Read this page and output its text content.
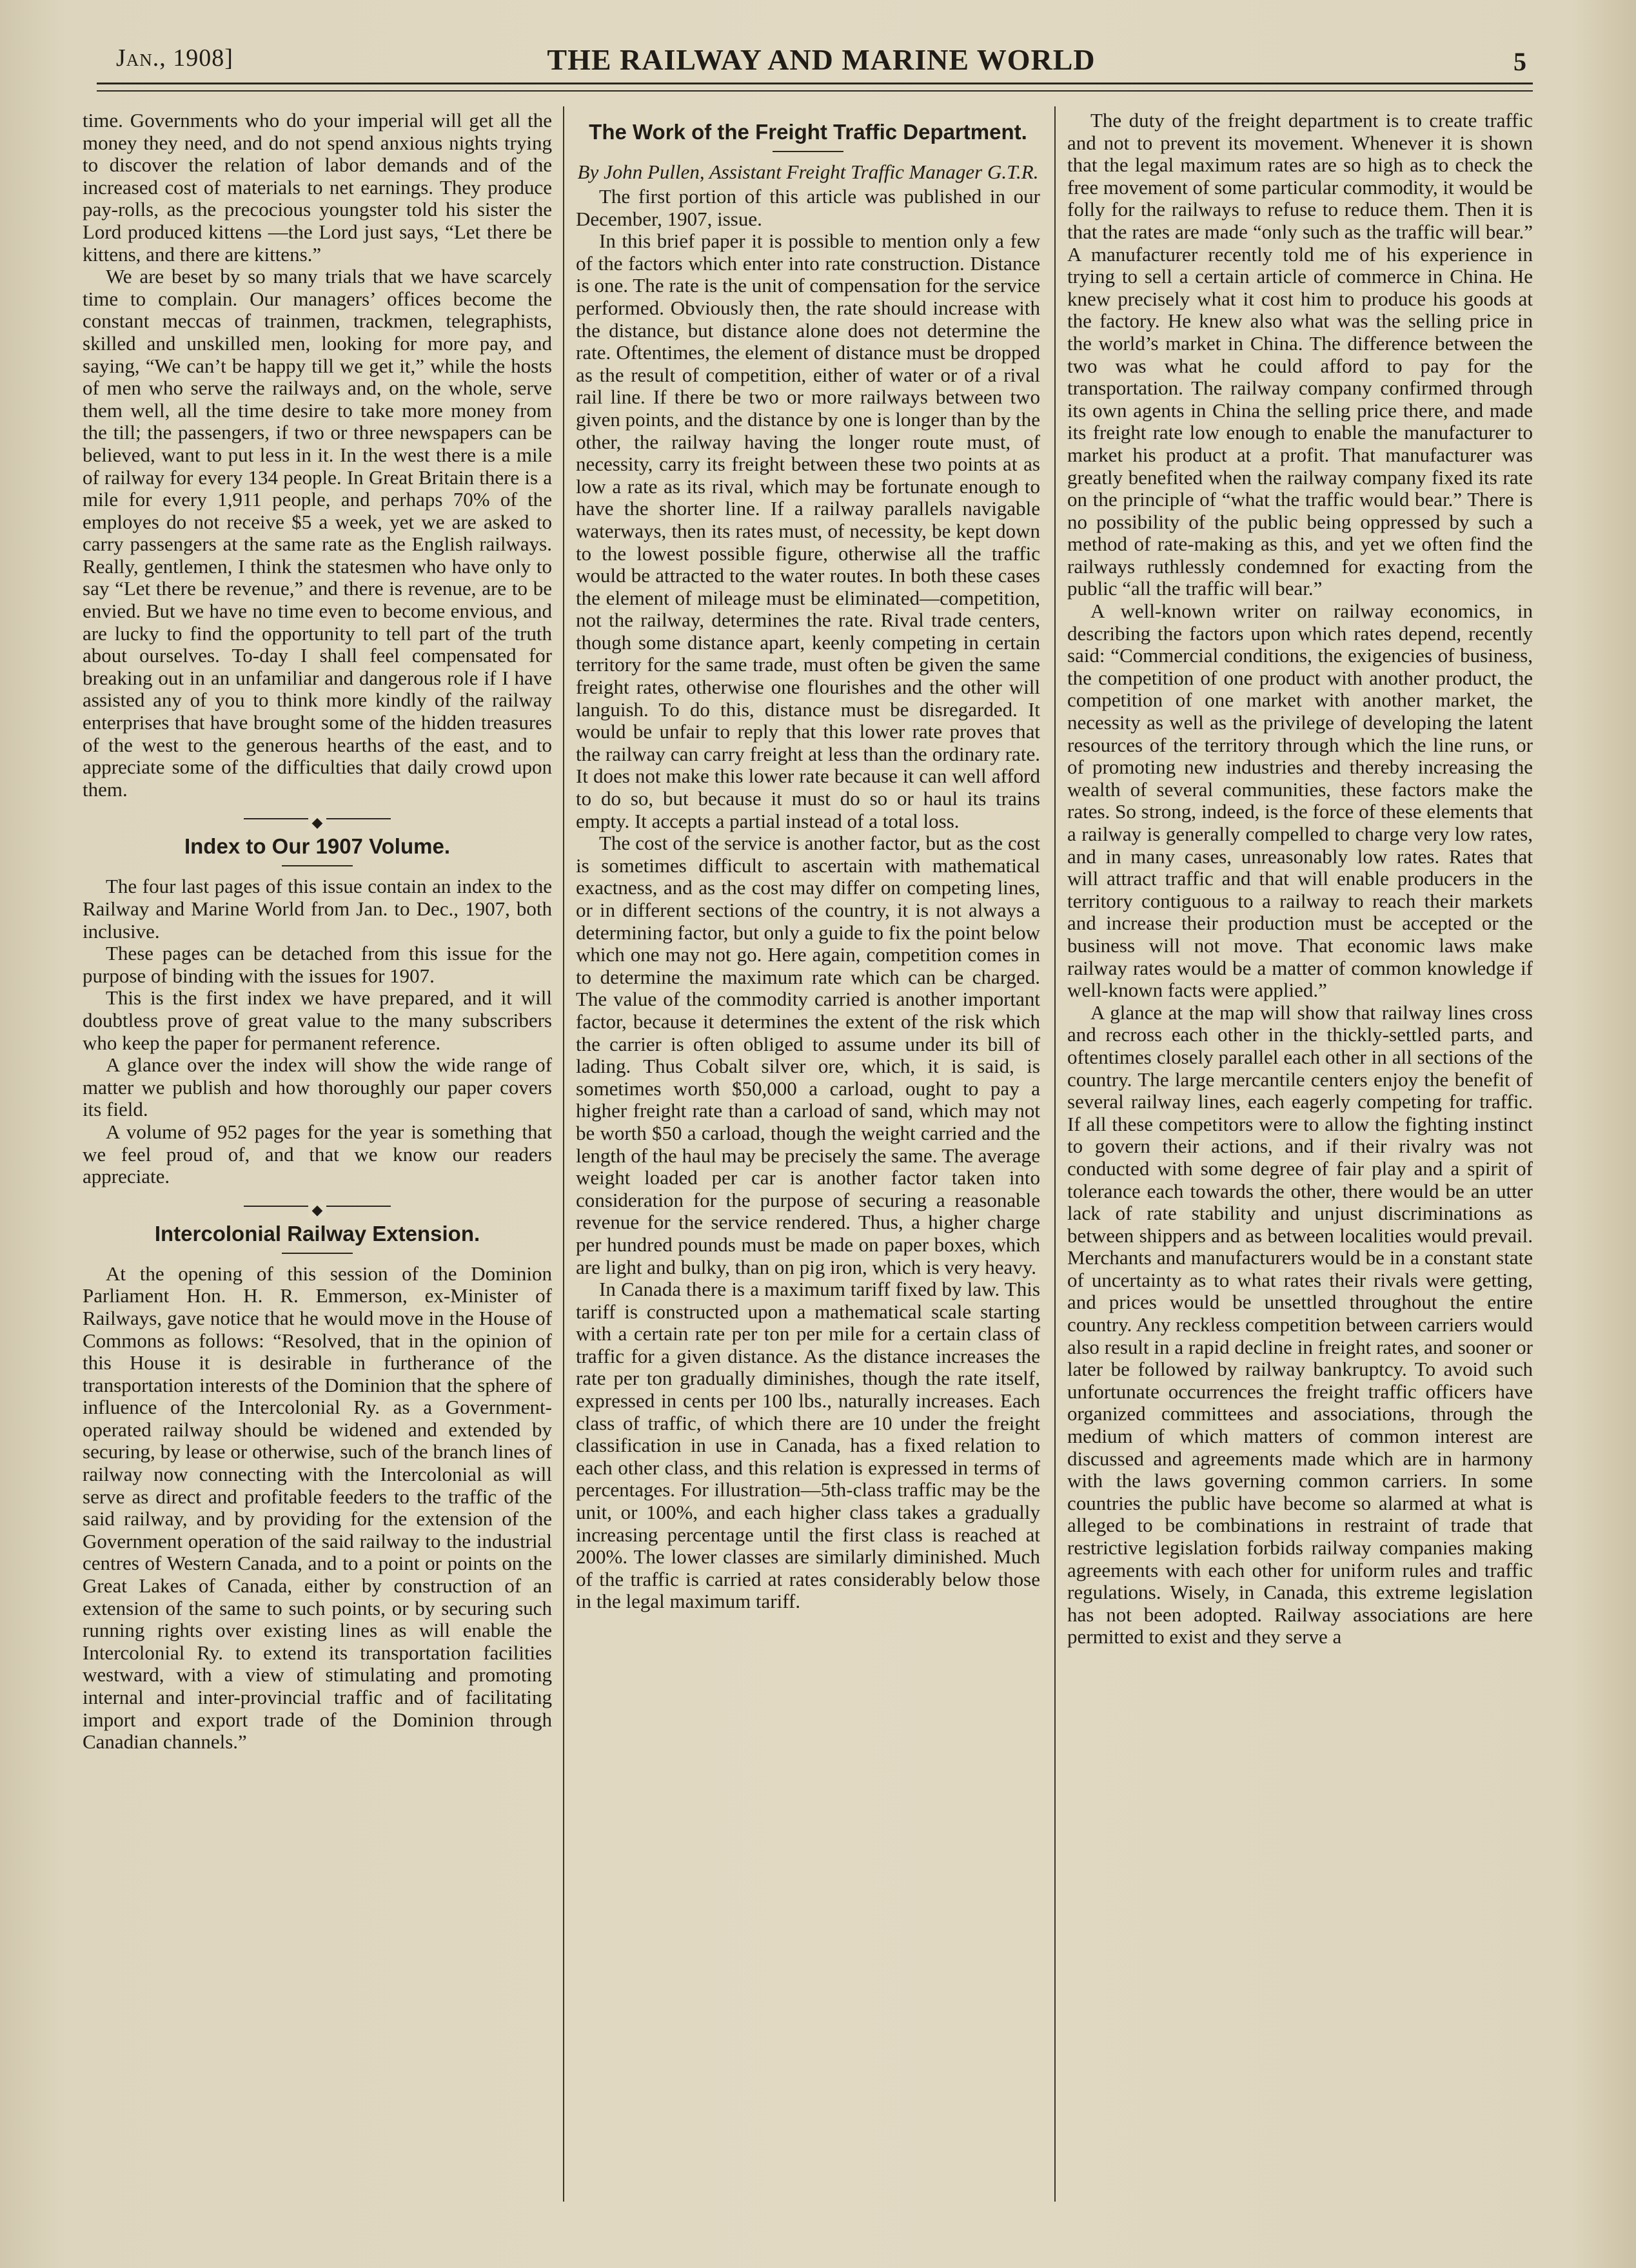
Jan., 1908]	THE RAILWAY AND MARINE WORLD	5

time. Governments who do your imperial will get all the money they need, and do not spend anxious nights trying to discover the relation of labor demands and of the increased cost of materials to net earnings. They produce pay-rolls, as the precocious youngster told his sister the Lord produced kittens —the Lord just says, “Let there be kittens, and there are kittens.”

We are beset by so many trials that we have scarcely time to complain. Our managers’ offices become the constant meccas of trainmen, trackmen, telegraphists, skilled and unskilled men, looking for more pay, and saying, “We can’t be happy till we get it,” while the hosts of men who serve the railways and, on the whole, serve them well, all the time desire to take more money from the till; the passengers, if two or three newspapers can be believed, want to put less in it. In the west there is a mile of railway for every 134 people. In Great Britain there is a mile for every 1,911 people, and perhaps 70% of the employes do not receive $5 a week, yet we are asked to carry passengers at the same rate as the English railways. Really, gentlemen, I think the statesmen who have only to say “Let there be revenue,” and there is revenue, are to be envied. But we have no time even to become envious, and are lucky to find the opportunity to tell part of the truth about ourselves. To-day I shall feel compensated for breaking out in an unfamiliar and dangerous role if I have assisted any of you to think more kindly of the railway enterprises that have brought some of the hidden treasures of the west to the generous hearths of the east, and to appreciate some of the difficulties that daily crowd upon them.

◆
Index to Our 1907 Volume.

The four last pages of this issue contain an index to the Railway and Marine World from Jan. to Dec., 1907, both inclusive.

These pages can be detached from this issue for the purpose of binding with the issues for 1907.

This is the first index we have prepared, and it will doubtless prove of great value to the many subscribers who keep the paper for permanent reference.

A glance over the index will show the wide range of matter we publish and how thoroughly our paper covers its field.

A volume of 952 pages for the year is something that we feel proud of, and that we know our readers appreciate.

◆
Intercolonial Railway Extension.

At the opening of this session of the Dominion Parliament Hon. H. R. Emmerson, ex-Minister of Railways, gave notice that he would move in the House of Commons as follows: “Resolved, that in the opinion of this House it is desirable in furtherance of the transportation interests of the Dominion that the sphere of influence of the Intercolonial Ry. as a Government-operated railway should be widened and extended by securing, by lease or otherwise, such of the branch lines of railway now connecting with the Intercolonial as will serve as direct and profitable feeders to the traffic of the said railway, and by providing for the extension of the Government operation of the said railway to the industrial centres of Western Canada, and to a point or points on the Great Lakes of Canada, either by construction of an extension of the same to such points, or by securing such running rights over existing lines as will enable the Intercolonial Ry. to extend its transportation facilities westward, with a view of stimulating and promoting internal and inter-provincial traffic and of facilitating import and export trade of the Dominion through Canadian channels.”

The Work of the Freight Traffic Department.
By John Pullen, Assistant Freight Traffic Manager G.T.R.

The first portion of this article was published in our December, 1907, issue.

In this brief paper it is possible to mention only a few of the factors which enter into rate construction. Distance is one. The rate is the unit of compensation for the service performed. Obviously then, the rate should increase with the distance, but distance alone does not determine the rate. Oftentimes, the element of distance must be dropped as the result of competition, either of water or of a rival rail line. If there be two or more railways between two given points, and the distance by one is longer than by the other, the railway having the longer route must, of necessity, carry its freight between these two points at as low a rate as its rival, which may be fortunate enough to have the shorter line. If a railway parallels navigable waterways, then its rates must, of necessity, be kept down to the lowest possible figure, otherwise all the traffic would be attracted to the water routes. In both these cases the element of mileage must be eliminated—competition, not the railway, determines the rate. Rival trade centers, though some distance apart, keenly competing in certain territory for the same trade, must often be given the same freight rates, otherwise one flourishes and the other will languish. To do this, distance must be disregarded. It would be unfair to reply that this lower rate proves that the railway can carry freight at less than the ordinary rate. It does not make this lower rate because it can well afford to do so, but because it must do so or haul its trains empty. It accepts a partial instead of a total loss.

The cost of the service is another factor, but as the cost is sometimes difficult to ascertain with mathematical exactness, and as the cost may differ on competing lines, or in different sections of the country, it is not always a determining factor, but only a guide to fix the point below which one may not go. Here again, competition comes in to determine the maximum rate which can be charged. The value of the commodity carried is another important factor, because it determines the extent of the risk which the carrier is often obliged to assume under its bill of lading. Thus Cobalt silver ore, which, it is said, is sometimes worth $50,000 a carload, ought to pay a higher freight rate than a carload of sand, which may not be worth $50 a carload, though the weight carried and the length of the haul may be precisely the same. The average weight loaded per car is another factor taken into consideration for the purpose of securing a reasonable revenue for the service rendered. Thus, a higher charge per hundred pounds must be made on paper boxes, which are light and bulky, than on pig iron, which is very heavy.

In Canada there is a maximum tariff fixed by law. This tariff is constructed upon a mathematical scale starting with a certain rate per ton per mile for a certain class of traffic for a given distance. As the distance increases the rate per ton gradually diminishes, though the rate itself, expressed in cents per 100 lbs., naturally increases. Each class of traffic, of which there are 10 under the freight classification in use in Canada, has a fixed relation to each other class, and this relation is expressed in terms of percentages. For illustration—5th-class traffic may be the unit, or 100%, and each higher class takes a gradually increasing percentage until the first class is reached at 200%. The lower classes are similarly diminished. Much of the traffic is carried at rates considerably below those in the legal maximum tariff.

The duty of the freight department is to create traffic and not to prevent its movement. Whenever it is shown that the legal maximum rates are so high as to check the free movement of some particular commodity, it would be folly for the railways to refuse to reduce them. Then it is that the rates are made “only such as the traffic will bear.” A manufacturer recently told me of his experience in trying to sell a certain article of commerce in China. He knew precisely what it cost him to produce his goods at the factory. He knew also what was the selling price in the world’s market in China. The difference between the two was what he could afford to pay for the transportation. The railway company confirmed through its own agents in China the selling price there, and made its freight rate low enough to enable the manufacturer to market his product at a profit. That manufacturer was greatly benefited when the railway company fixed its rate on the principle of “what the traffic would bear.” There is no possibility of the public being oppressed by such a method of rate-making as this, and yet we often find the railways ruthlessly condemned for exacting from the public “all the traffic will bear.”

A well-known writer on railway economics, in describing the factors upon which rates depend, recently said: “Commercial conditions, the exigencies of business, the competition of one product with another product, the competition of one market with another market, the necessity as well as the privilege of developing the latent resources of the territory through which the line runs, or of promoting new industries and thereby increasing the wealth of several communities, these factors make the rates. So strong, indeed, is the force of these elements that a railway is generally compelled to charge very low rates, and in many cases, unreasonably low rates. Rates that will attract traffic and that will enable producers in the territory contiguous to a railway to reach their markets and increase their production must be accepted or the business will not move. That economic laws make railway rates would be a matter of common knowledge if well-known facts were applied.”

A glance at the map will show that railway lines cross and recross each other in the thickly-settled parts, and oftentimes closely parallel each other in all sections of the country. The large mercantile centers enjoy the benefit of several railway lines, each eagerly competing for traffic. If all these competitors were to allow the fighting instinct to govern their actions, and if their rivalry was not conducted with some degree of fair play and a spirit of tolerance each towards the other, there would be an utter lack of rate stability and unjust discriminations as between shippers and as between localities would prevail. Merchants and manufacturers would be in a constant state of uncertainty as to what rates their rivals were getting, and prices would be unsettled throughout the entire country. Any reckless competition between carriers would also result in a rapid decline in freight rates, and sooner or later be followed by railway bankruptcy. To avoid such unfortunate occurrences the freight traffic officers have organized committees and associations, through the medium of which matters of common interest are discussed and agreements made which are in harmony with the laws governing common carriers. In some countries the public have become so alarmed at what is alleged to be combinations in restraint of trade that restrictive legislation forbids railway companies making agreements with each other for uniform rules and traffic regulations. Wisely, in Canada, this extreme legislation has not been adopted. Railway associations are here permitted to exist and they serve a
